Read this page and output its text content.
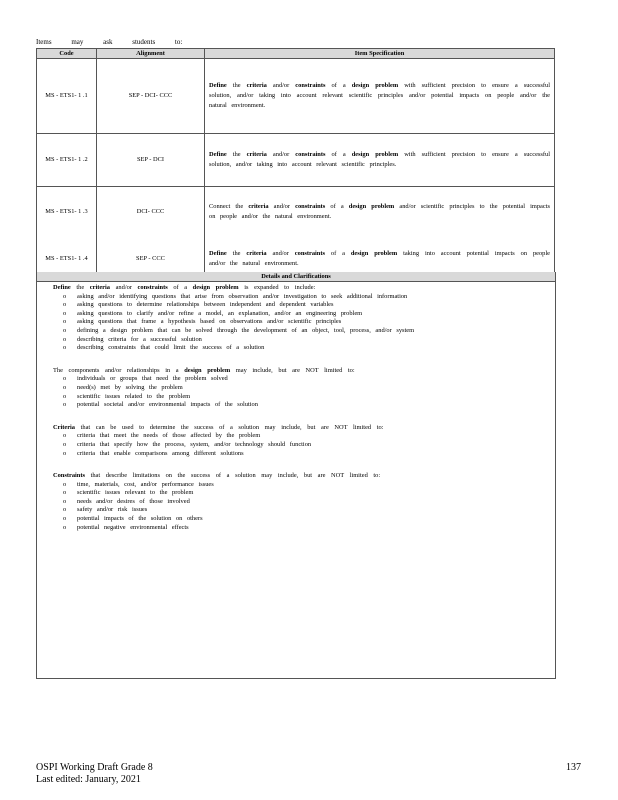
Items	may	ask	students	to:
Code	Alignment	Item Specification
MS - ETS1- 1 .1	SEP - DCI- CCC	Define the criteria and/or constraints of a design problem with sufficient precision to ensure a successful solution, and/or taking into account relevant scientific principles and/or potential impacts on people and/or the natural environment.
MS - ETS1- 1 .2	SEP - DCI	Define the criteria and/or constraints of a design problem with sufficient precision to ensure a successful solution, and/or taking into account relevant scientific principles.
MS - ETS1- 1 .3	DCI- CCC	Connect the criteria and/or constraints of a design problem and/or scientific principles to the potential impacts on people and/or the natural environment.
MS - ETS1- 1 .4	SEP - CCC	Define the criteria and/or constraints of a design problem taking into account potential impacts on people and/or the natural environment.
Details and Clarifications
Define the criteria and/or constraints of a design problem is expanded to include:
o	asking and/or identifying questions that arise from observation and/or investigation to seek additional information
o	asking questions to determine relationships between independent and dependent variables
o	asking questions to clarify and/or refine a model, an explanation, and/or an engineering problem
o	asking questions that frame a hypothesis based on observations and/or scientific principles
o	defining a design problem that can be solved through the development of an object, tool, process, and/or system
o	describing criteria for a successful solution
o	describing constraints that could limit the success of a solution
The components and/or relationships in a design problem may include, but are NOT limited to:
o	individuals or groups that need the problem solved
o	need(s) met by solving the problem
o	scientific issues related to the problem
o	potential societal and/or environmental impacts of the solution
Criteria that can be used to determine the success of a solution may include, but are NOT limited to:
o	criteria that meet the needs of those affected by the problem
o	criteria that specify how the process, system, and/or technology should function
o	criteria that enable comparisons among different solutions
Constraints that describe limitations on the success of a solution may include, but are NOT limited to:
o	time, materials, cost, and/or performance issues
o	scientific issues relevant to the problem
o	needs and/or desires of those involved
o	safety and/or risk issues
o	potential impacts of the solution on others
o	potential negative environmental effects
OSPI Working Draft Grade 8
Last edited: January, 2021
137
